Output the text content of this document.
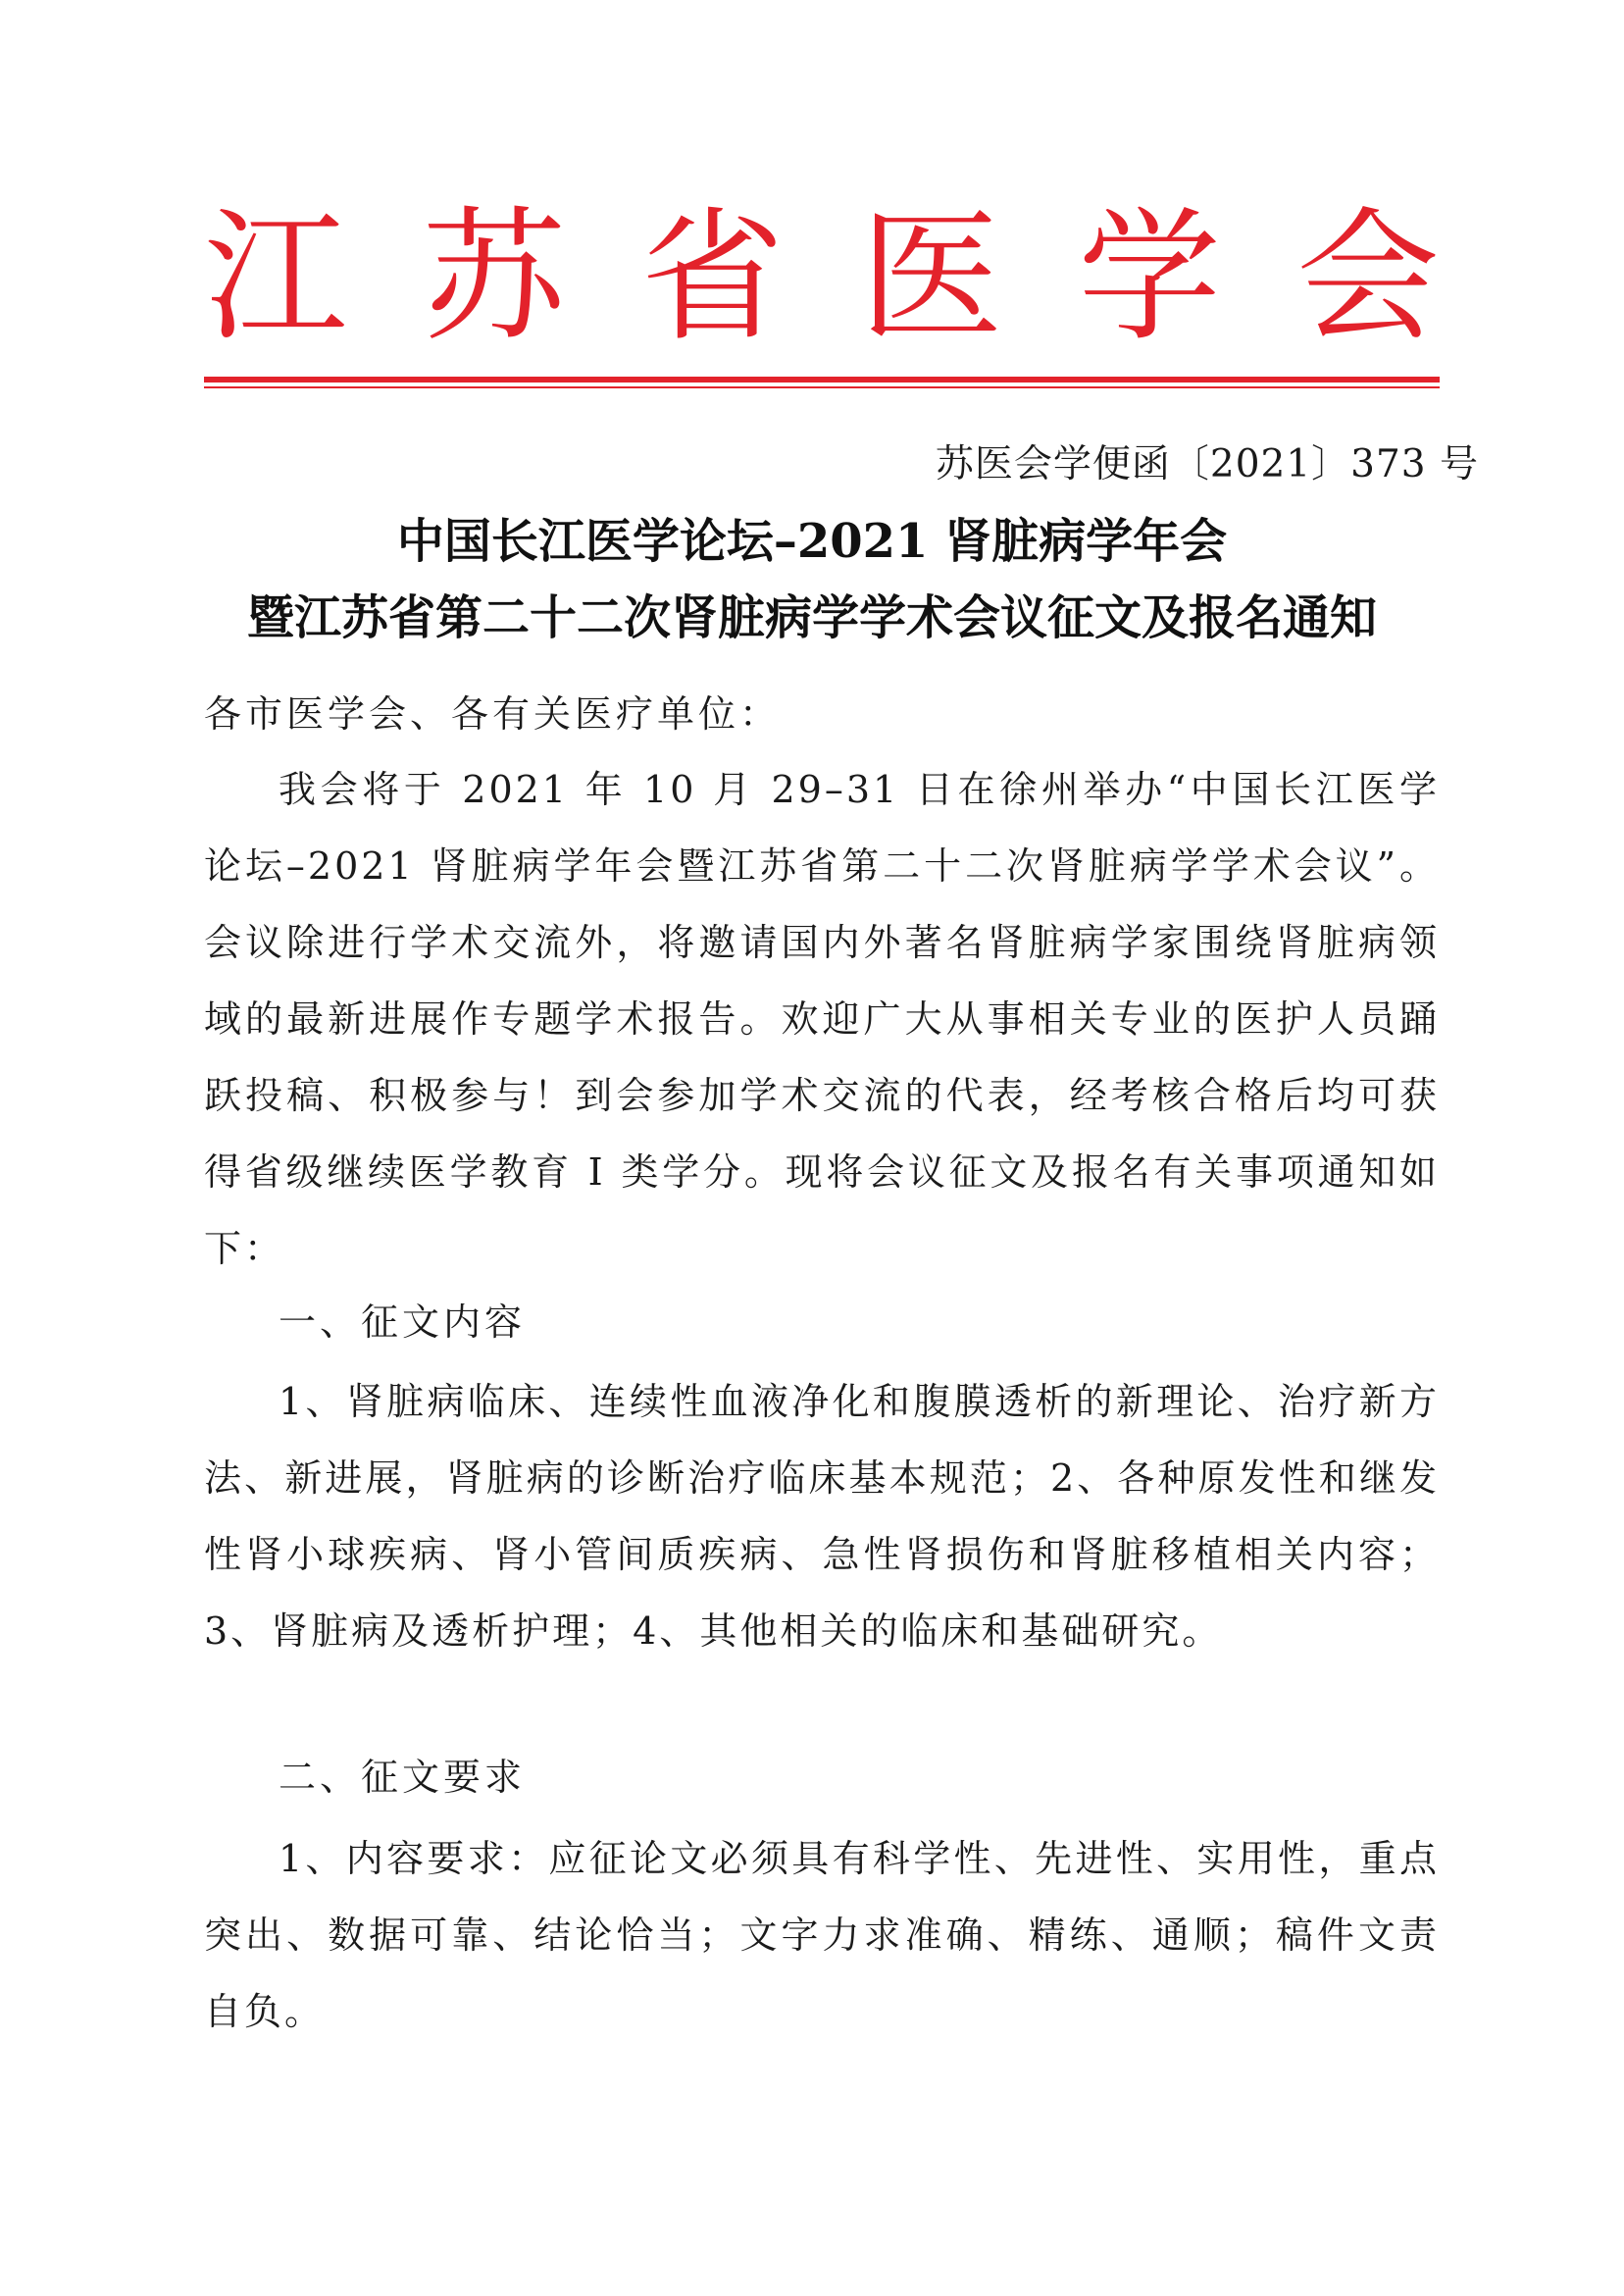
江 苏 省 医 学 会
苏医会学便函〔2021〕373 号
中国长江医学论坛–2021 肾脏病学年会
暨江苏省第二十二次肾脏病学学术会议征文及报名通知
各市医学会、各有关医疗单位：
我会将于 2021 年 10 月 29–31 日在徐州举办“中国长江医学论坛–2021 肾脏病学年会暨江苏省第二十二次肾脏病学学术会议”。会议除进行学术交流外，将邀请国内外著名肾脏病学家围绕肾脏病领域的最新进展作专题学术报告。欢迎广大从事相关专业的医护人员踊跃投稿、积极参与！到会参加学术交流的代表，经考核合格后均可获得省级继续医学教育 I 类学分。现将会议征文及报名有关事项通知如下：
一、征文内容
1、肾脏病临床、连续性血液净化和腹膜透析的新理论、治疗新方法、新进展，肾脏病的诊断治疗临床基本规范；2、各种原发性和继发性肾小球疾病、肾小管间质疾病、急性肾损伤和肾脏移植相关内容；3、肾脏病及透析护理；4、其他相关的临床和基础研究。
二、征文要求
1、内容要求：应征论文必须具有科学性、先进性、实用性，重点突出、数据可靠、结论恰当；文字力求准确、精练、通顺；稿件文责自负。
